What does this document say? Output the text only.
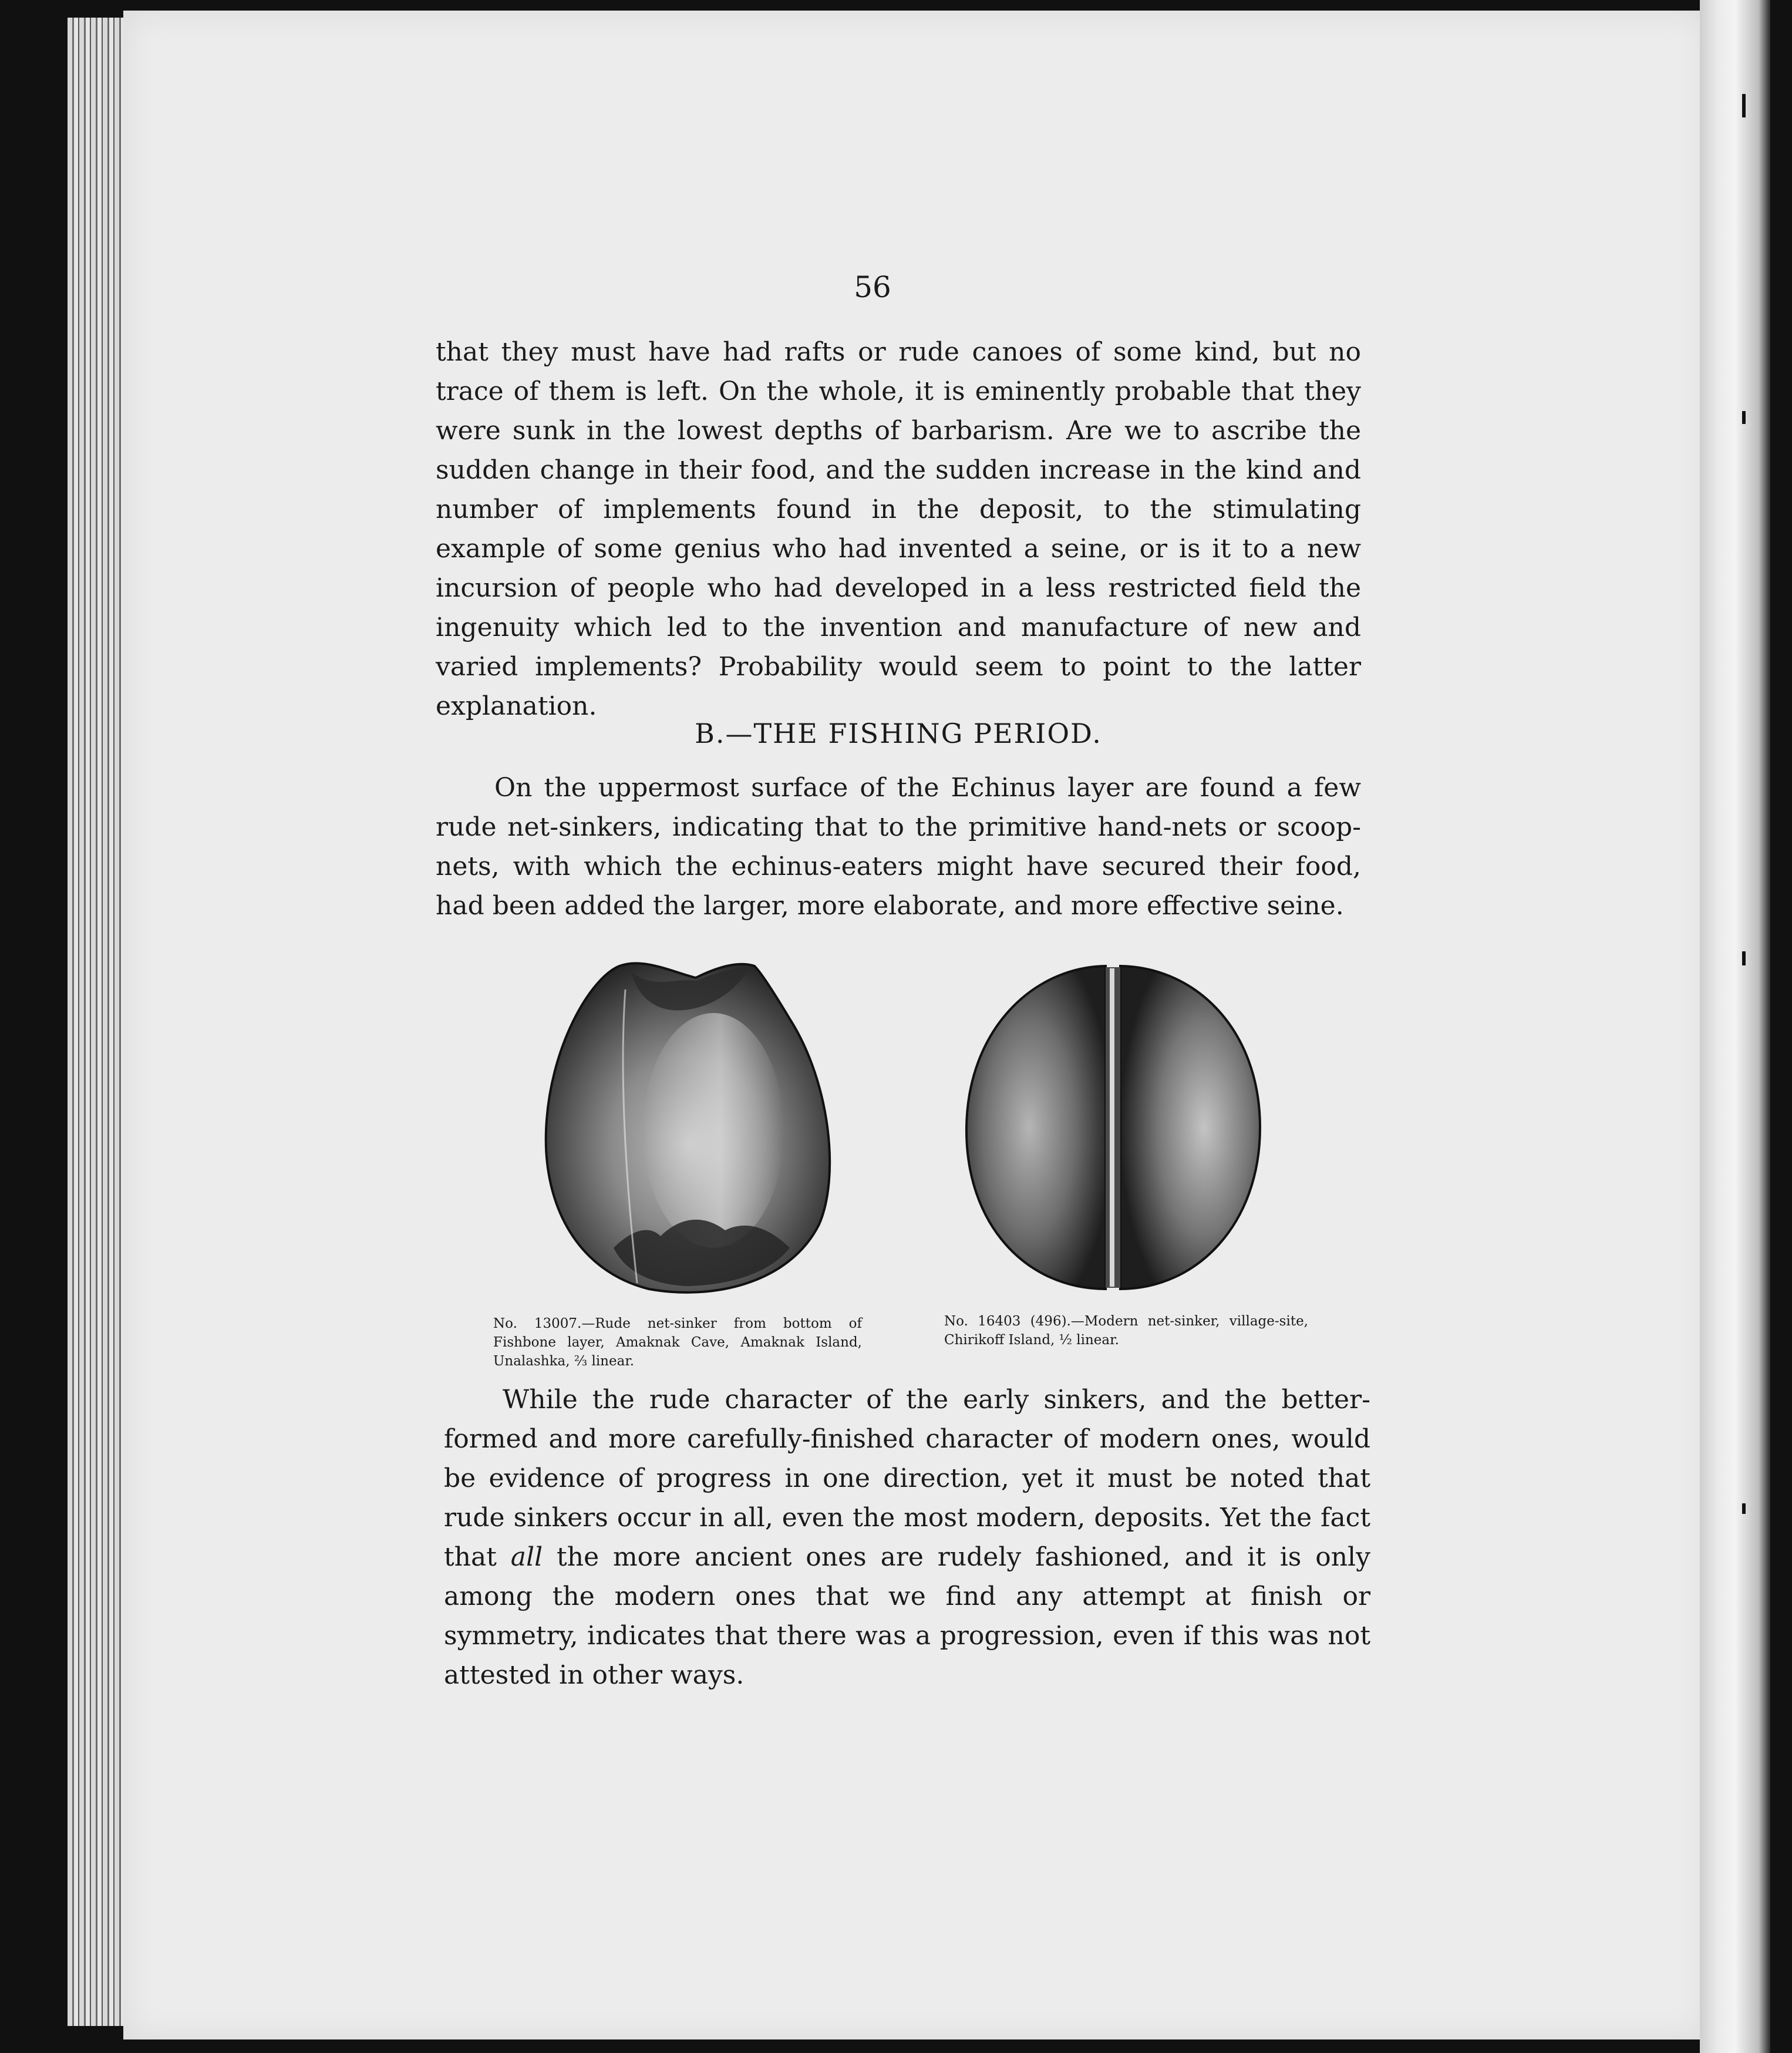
56

that they must have had rafts or rude canoes of some kind, but no trace of them is left. On the whole, it is eminently probable that they were sunk in the lowest depths of barbarism. Are we to ascribe the sudden change in their food, and the sudden increase in the kind and number of implements found in the deposit, to the stimulating example of some genius who had invented a seine, or is it to a new incursion of people who had developed in a less restricted field the ingenuity which led to the invention and manufacture of new and varied implements? Probability would seem to point to the latter explanation.

B.—THE FISHING PERIOD.

On the uppermost surface of the Echinus layer are found a few rude net-sinkers, indicating that to the primitive hand-nets or scoop-nets, with which the echinus-eaters might have secured their food, had been added the larger, more elaborate, and more effective seine.

No. 13007.—Rude net-sinker from bottom of Fishbone layer, Amaknak Cave, Amaknak Island, Unalashka, ⅔ linear.

No. 16403 (496).—Modern net-sinker, village-site, Chirikoff Island, ½ linear.

While the rude character of the early sinkers, and the better-formed and more carefully-finished character of modern ones, would be evidence of progress in one direction, yet it must be noted that rude sinkers occur in all, even the most modern, deposits. Yet the fact that all the more ancient ones are rudely fashioned, and it is only among the modern ones that we find any attempt at finish or symmetry, indicates that there was a progression, even if this was not attested in other ways.
